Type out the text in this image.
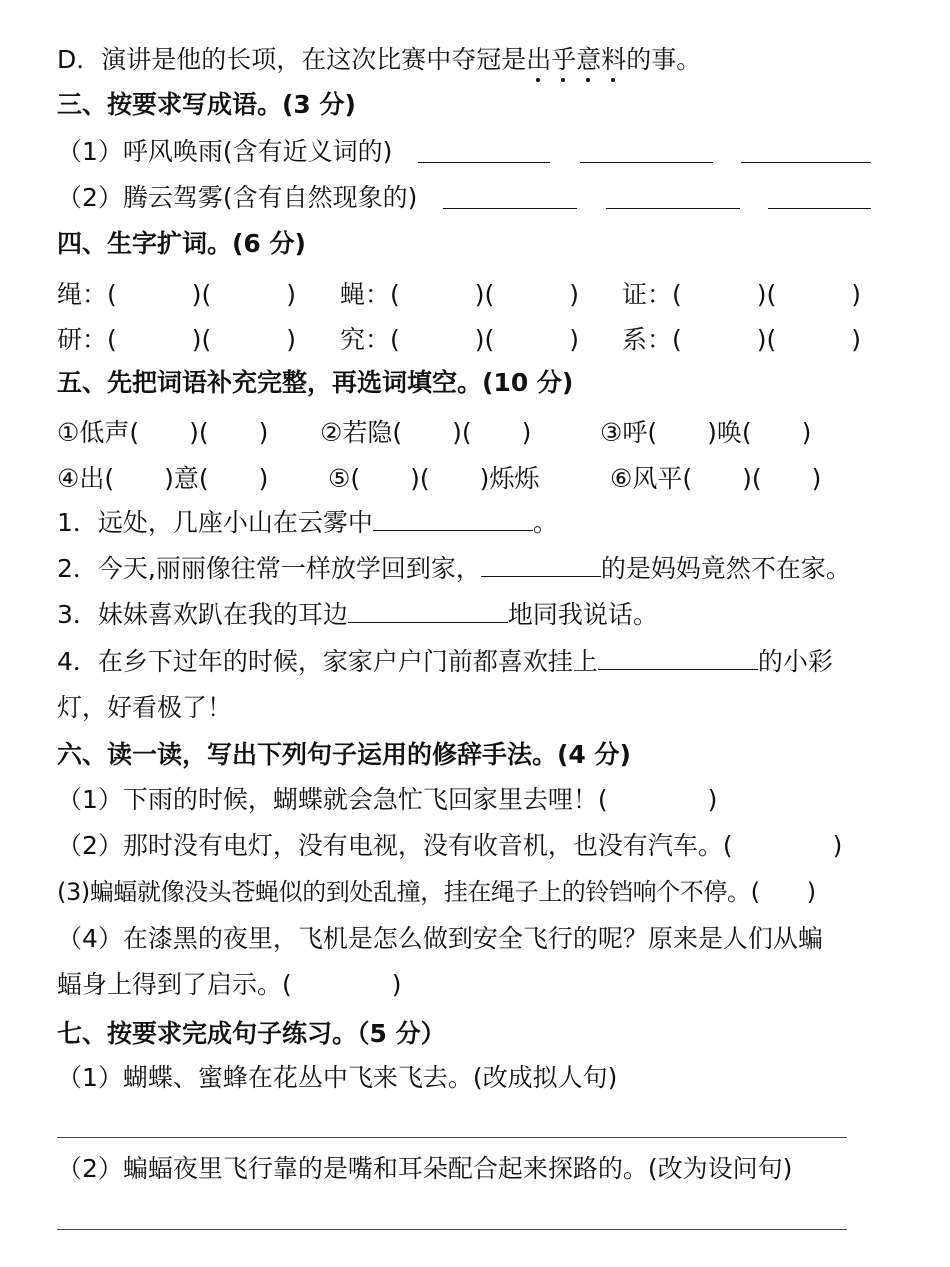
D．演讲是他的长项，在这次比赛中夺冠是出乎意料
的事。
三、按要求写成语。(3 分)
（1）呼风唤雨(含有近义词的)
（2）腾云驾雾(含有自然现象的)
四、生字扩词。(6 分)
绳：(　　　)(　　　) 蝇：(　　　)(　　　) 证：(　　　)(　　　)
研：(　　　)(　　　) 究：(　　　)(　　　) 系：(　　　)(　　　)
五、先把词语补充完整，再选词填空。(10 分)
①低声(　　)(　　) ②若隐(　　)(　　)	③呼(　　)唤(　　)
④出(　　)意(　　) ⑤(　　)(　　)烁烁	⑥风平(　　)(　　)
1．远处，几座小山在云雾中	。
2．今天,丽丽像往常一样放学回到家，	的是妈妈竟然不在家。
3．妹妹喜欢趴在我的耳边	地同我说话。
4．在乡下过年的时候，家家户户门前都喜欢挂上	的小彩
灯，好看极了！
六、读一读，写出下列句子运用的修辞手法。(4 分)
（1）下雨的时候，蝴蝶就会急忙飞回家里去哩！(　　　　)
（2）那时没有电灯，没有电视，没有收音机，也没有汽车。(　　　　)
(3)蝙蝠就像没头苍蝇似的到处乱撞，挂在绳子上的铃铛响个不停。(　　)
（4）在漆黑的夜里，飞机是怎么做到安全飞行的呢？原来是人们从蝙
蝠身上得到了启示。(　　　　)
七、按要求完成句子练习。（5 分）
（1）蝴蝶、蜜蜂在花丛中飞来飞去。(改成拟人句)
（2）蝙蝠夜里飞行靠的是嘴和耳朵配合起来探路的。(改为设问句)
